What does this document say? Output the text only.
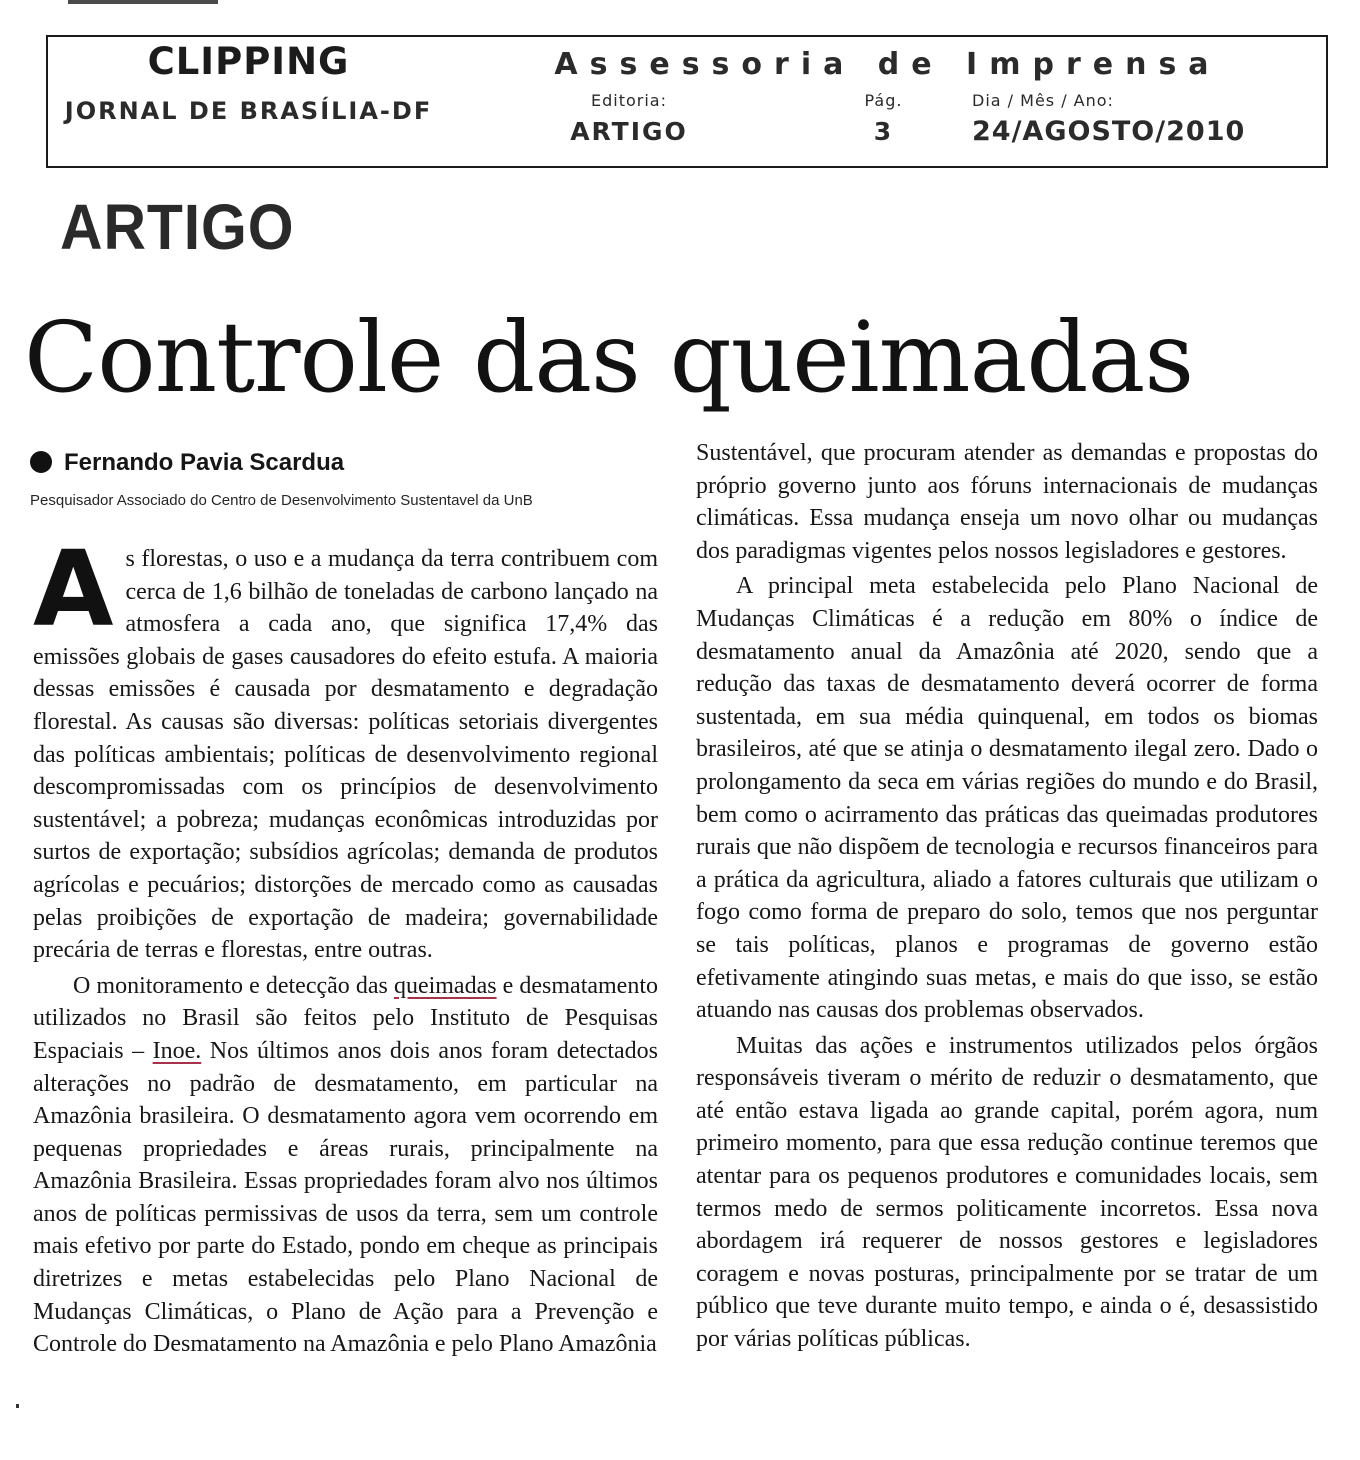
CLIPPING	Assessoria de Imprensa
JORNAL DE BRASÍLIA-DF	Editoria:
ARTIGO
Pág.
3
Dia / Mês / Ano:
24/AGOSTO/2010
ARTIGO
Controle das queimadas
Fernando Pavia Scardua
Pesquisador Associado do Centro de Desenvolvimento Sustentavel da UnB

As florestas, o uso e a mudança da terra contribuem com cerca de 1,6 bilhão de toneladas de carbono lançado na atmosfera a cada ano, que significa 17,4% das emissões globais de gases causadores do efeito estufa. A maioria dessas emissões é causada por desmatamento e degradação florestal. As causas são diversas: políticas setoriais divergentes das políticas ambientais; políticas de desenvolvimento regional descompromissadas com os princípios de desenvolvimento sustentável; a pobreza; mudanças econômicas introduzidas por surtos de exportação; subsídios agrícolas; demanda de produtos agrícolas e pecuários; distorções de mercado como as causadas pelas proibições de exportação de madeira; governabilidade precária de terras e florestas, entre outras.

O monitoramento e detecção das queimadas e desmatamento utilizados no Brasil são feitos pelo Instituto de Pesquisas Espaciais – Inoe. Nos últimos anos dois anos foram detectados alterações no padrão de desmatamento, em particular na Amazônia brasileira. O desmatamento agora vem ocorrendo em pequenas propriedades e áreas rurais, principalmente na Amazônia Brasileira. Essas propriedades foram alvo nos últimos anos de políticas permissivas de usos da terra, sem um controle mais efetivo por parte do Estado, pondo em cheque as principais diretrizes e metas estabelecidas pelo Plano Nacional de Mudanças Climáticas, o Plano de Ação para a Prevenção e Controle do Desmatamento na Amazônia e pelo Plano Amazônia

Sustentável, que procuram atender as demandas e propostas do próprio governo junto aos fóruns internacionais de mudanças climáticas. Essa mudança enseja um novo olhar ou mudanças dos paradigmas vigentes pelos nossos legisladores e gestores.

A principal meta estabelecida pelo Plano Nacional de Mudanças Climáticas é a redução em 80% o índice de desmatamento anual da Amazônia até 2020, sendo que a redução das taxas de desmatamento deverá ocorrer de forma sustentada, em sua média quinquenal, em todos os biomas brasileiros, até que se atinja o desmatamento ilegal zero. Dado o prolongamento da seca em várias regiões do mundo e do Brasil, bem como o acirramento das práticas das queimadas produtores rurais que não dispõem de tecnologia e recursos financeiros para a prática da agricultura, aliado a fatores culturais que utilizam o fogo como forma de preparo do solo, temos que nos perguntar se tais políticas, planos e programas de governo estão efetivamente atingindo suas metas, e mais do que isso, se estão atuando nas causas dos problemas observados.

Muitas das ações e instrumentos utilizados pelos órgãos responsáveis tiveram o mérito de reduzir o desmatamento, que até então estava ligada ao grande capital, porém agora, num primeiro momento, para que essa redução continue teremos que atentar para os pequenos produtores e comunidades locais, sem termos medo de sermos politicamente incorretos. Essa nova abordagem irá requerer de nossos gestores e legisladores coragem e novas posturas, principalmente por se tratar de um público que teve durante muito tempo, e ainda o é, desassistido por várias políticas públicas.
